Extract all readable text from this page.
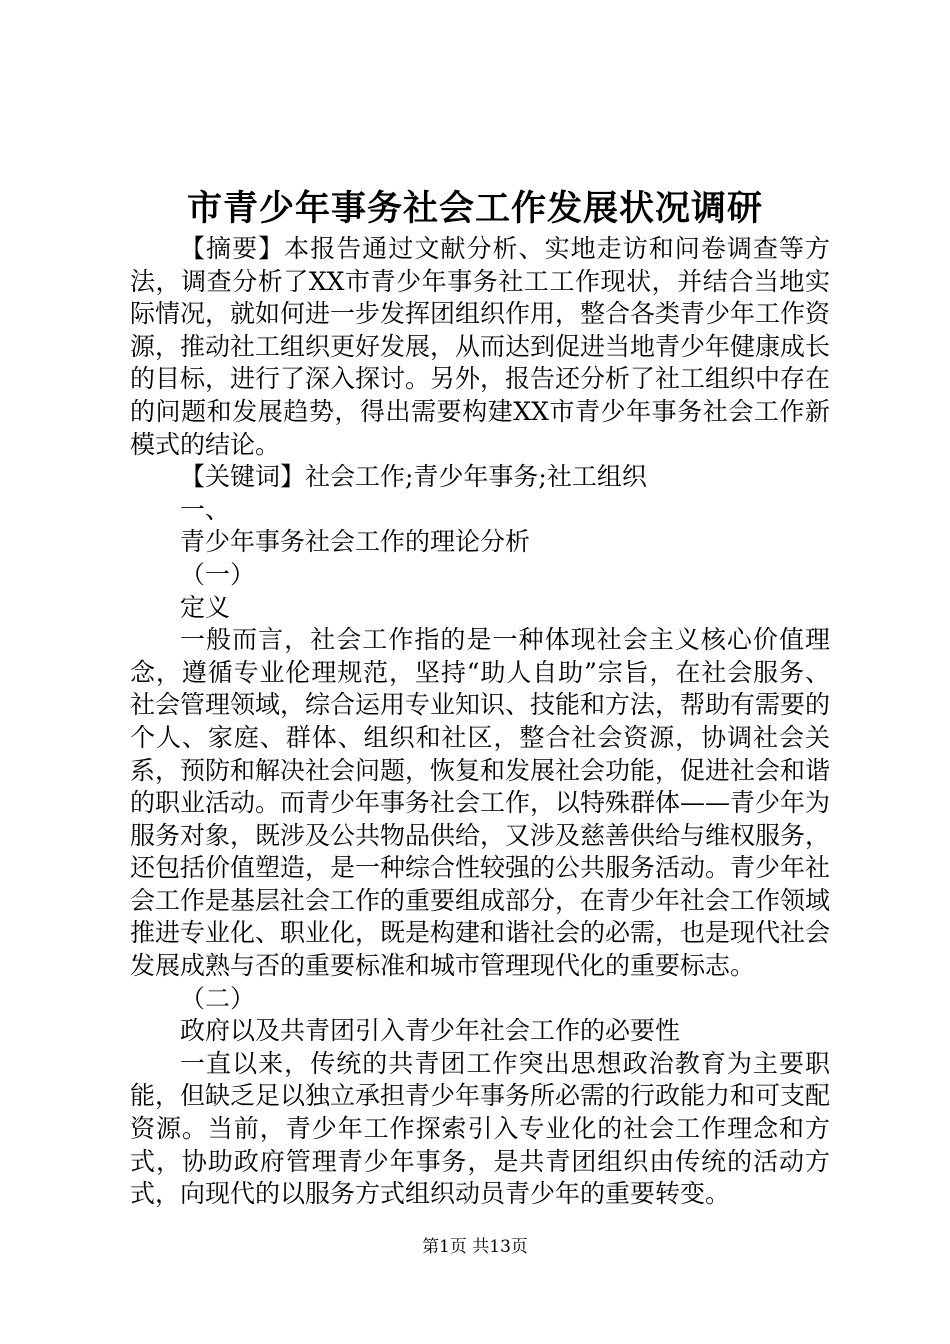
市青少年事务社会工作发展状况调研

【摘要】本报告通过文献分析、实地走访和问卷调查等方法，调查分析了XX市青少年事务社工工作现状，并结合当地实际情况，就如何进一步发挥团组织作用，整合各类青少年工作资源，推动社工组织更好发展，从而达到促进当地青少年健康成长的目标，进行了深入探讨。另外，报告还分析了社工组织中存在的问题和发展趋势，得出需要构建XX市青少年事务社会工作新模式的结论。

【关键词】社会工作;青少年事务;社工组织

一、

青少年事务社会工作的理论分析

（一）

定义

一般而言，社会工作指的是一种体现社会主义核心价值理念，遵循专业伦理规范，坚持“助人自助”宗旨，在社会服务、社会管理领域，综合运用专业知识、技能和方法，帮助有需要的个人、家庭、群体、组织和社区，整合社会资源，协调社会关系，预防和解决社会问题，恢复和发展社会功能，促进社会和谐的职业活动。而青少年事务社会工作，以特殊群体——青少年为服务对象，既涉及公共物品供给，又涉及慈善供给与维权服务，还包括价值塑造，是一种综合性较强的公共服务活动。青少年社会工作是基层社会工作的重要组成部分，在青少年社会工作领域推进专业化、职业化，既是构建和谐社会的必需，也是现代社会发展成熟与否的重要标准和城市管理现代化的重要标志。

（二）

政府以及共青团引入青少年社会工作的必要性

一直以来，传统的共青团工作突出思想政治教育为主要职能，但缺乏足以独立承担青少年事务所必需的行政能力和可支配资源。当前，青少年工作探索引入专业化的社会工作理念和方式，协助政府管理青少年事务，是共青团组织由传统的活动方式，向现代的以服务方式组织动员青少年的重要转变。

第1页 共13页
